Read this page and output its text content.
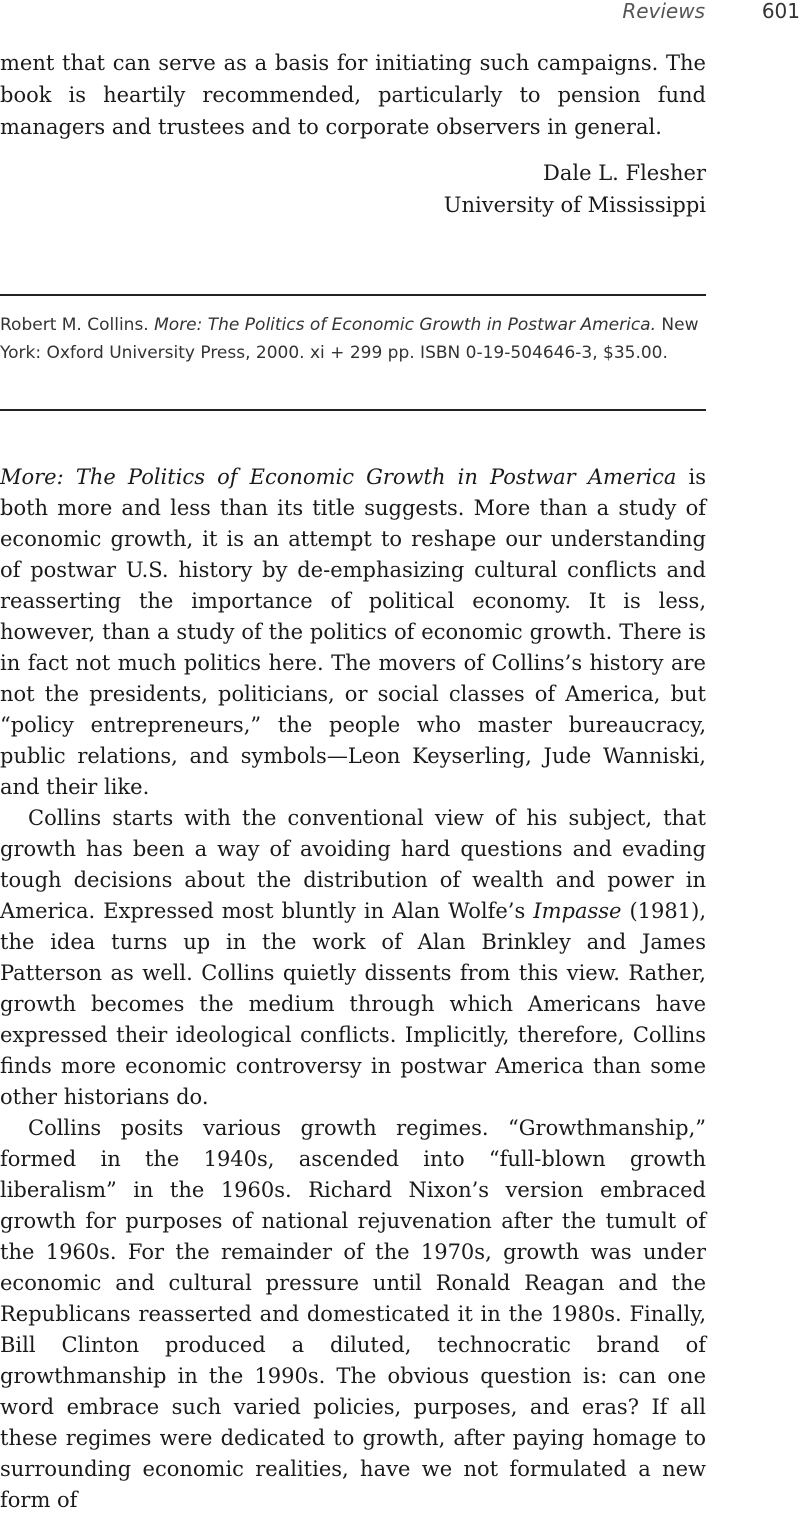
Reviews	601

ment that can serve as a basis for initiating such campaigns. The book is heartily recommended, particularly to pension fund managers and trustees and to corporate observers in general.

Dale L. Flesher
University of Mississippi

Robert M. Collins. More: The Politics of Economic Growth in Postwar America. New York: Oxford University Press, 2000. xi + 299 pp. ISBN 0-19-504646-3, $35.00.

More: The Politics of Economic Growth in Postwar America is both more and less than its title suggests. More than a study of economic growth, it is an attempt to reshape our understanding of postwar U.S. history by de-emphasizing cultural conflicts and reasserting the importance of political economy. It is less, however, than a study of the politics of economic growth. There is in fact not much politics here. The movers of Collins’s history are not the presidents, politicians, or social classes of America, but “policy entrepreneurs,” the people who master bureaucracy, public relations, and symbols—Leon Keyserling, Jude Wanniski, and their like.

Collins starts with the conventional view of his subject, that growth has been a way of avoiding hard questions and evading tough decisions about the distribution of wealth and power in America. Expressed most bluntly in Alan Wolfe’s Impasse (1981), the idea turns up in the work of Alan Brinkley and James Patterson as well. Collins quietly dissents from this view. Rather, growth becomes the medium through which Americans have expressed their ideological conflicts. Implicitly, therefore, Collins finds more economic controversy in postwar America than some other historians do.

Collins posits various growth regimes. “Growthmanship,” formed in the 1940s, ascended into “full-blown growth liberalism” in the 1960s. Richard Nixon’s version embraced growth for purposes of national rejuvenation after the tumult of the 1960s. For the remainder of the 1970s, growth was under economic and cultural pressure until Ronald Reagan and the Republicans reasserted and domesticated it in the 1980s. Finally, Bill Clinton produced a diluted, technocratic brand of growthmanship in the 1990s. The obvious question is: can one word embrace such varied policies, purposes, and eras? If all these regimes were dedicated to growth, after paying homage to surrounding economic realities, have we not formulated a new form of
